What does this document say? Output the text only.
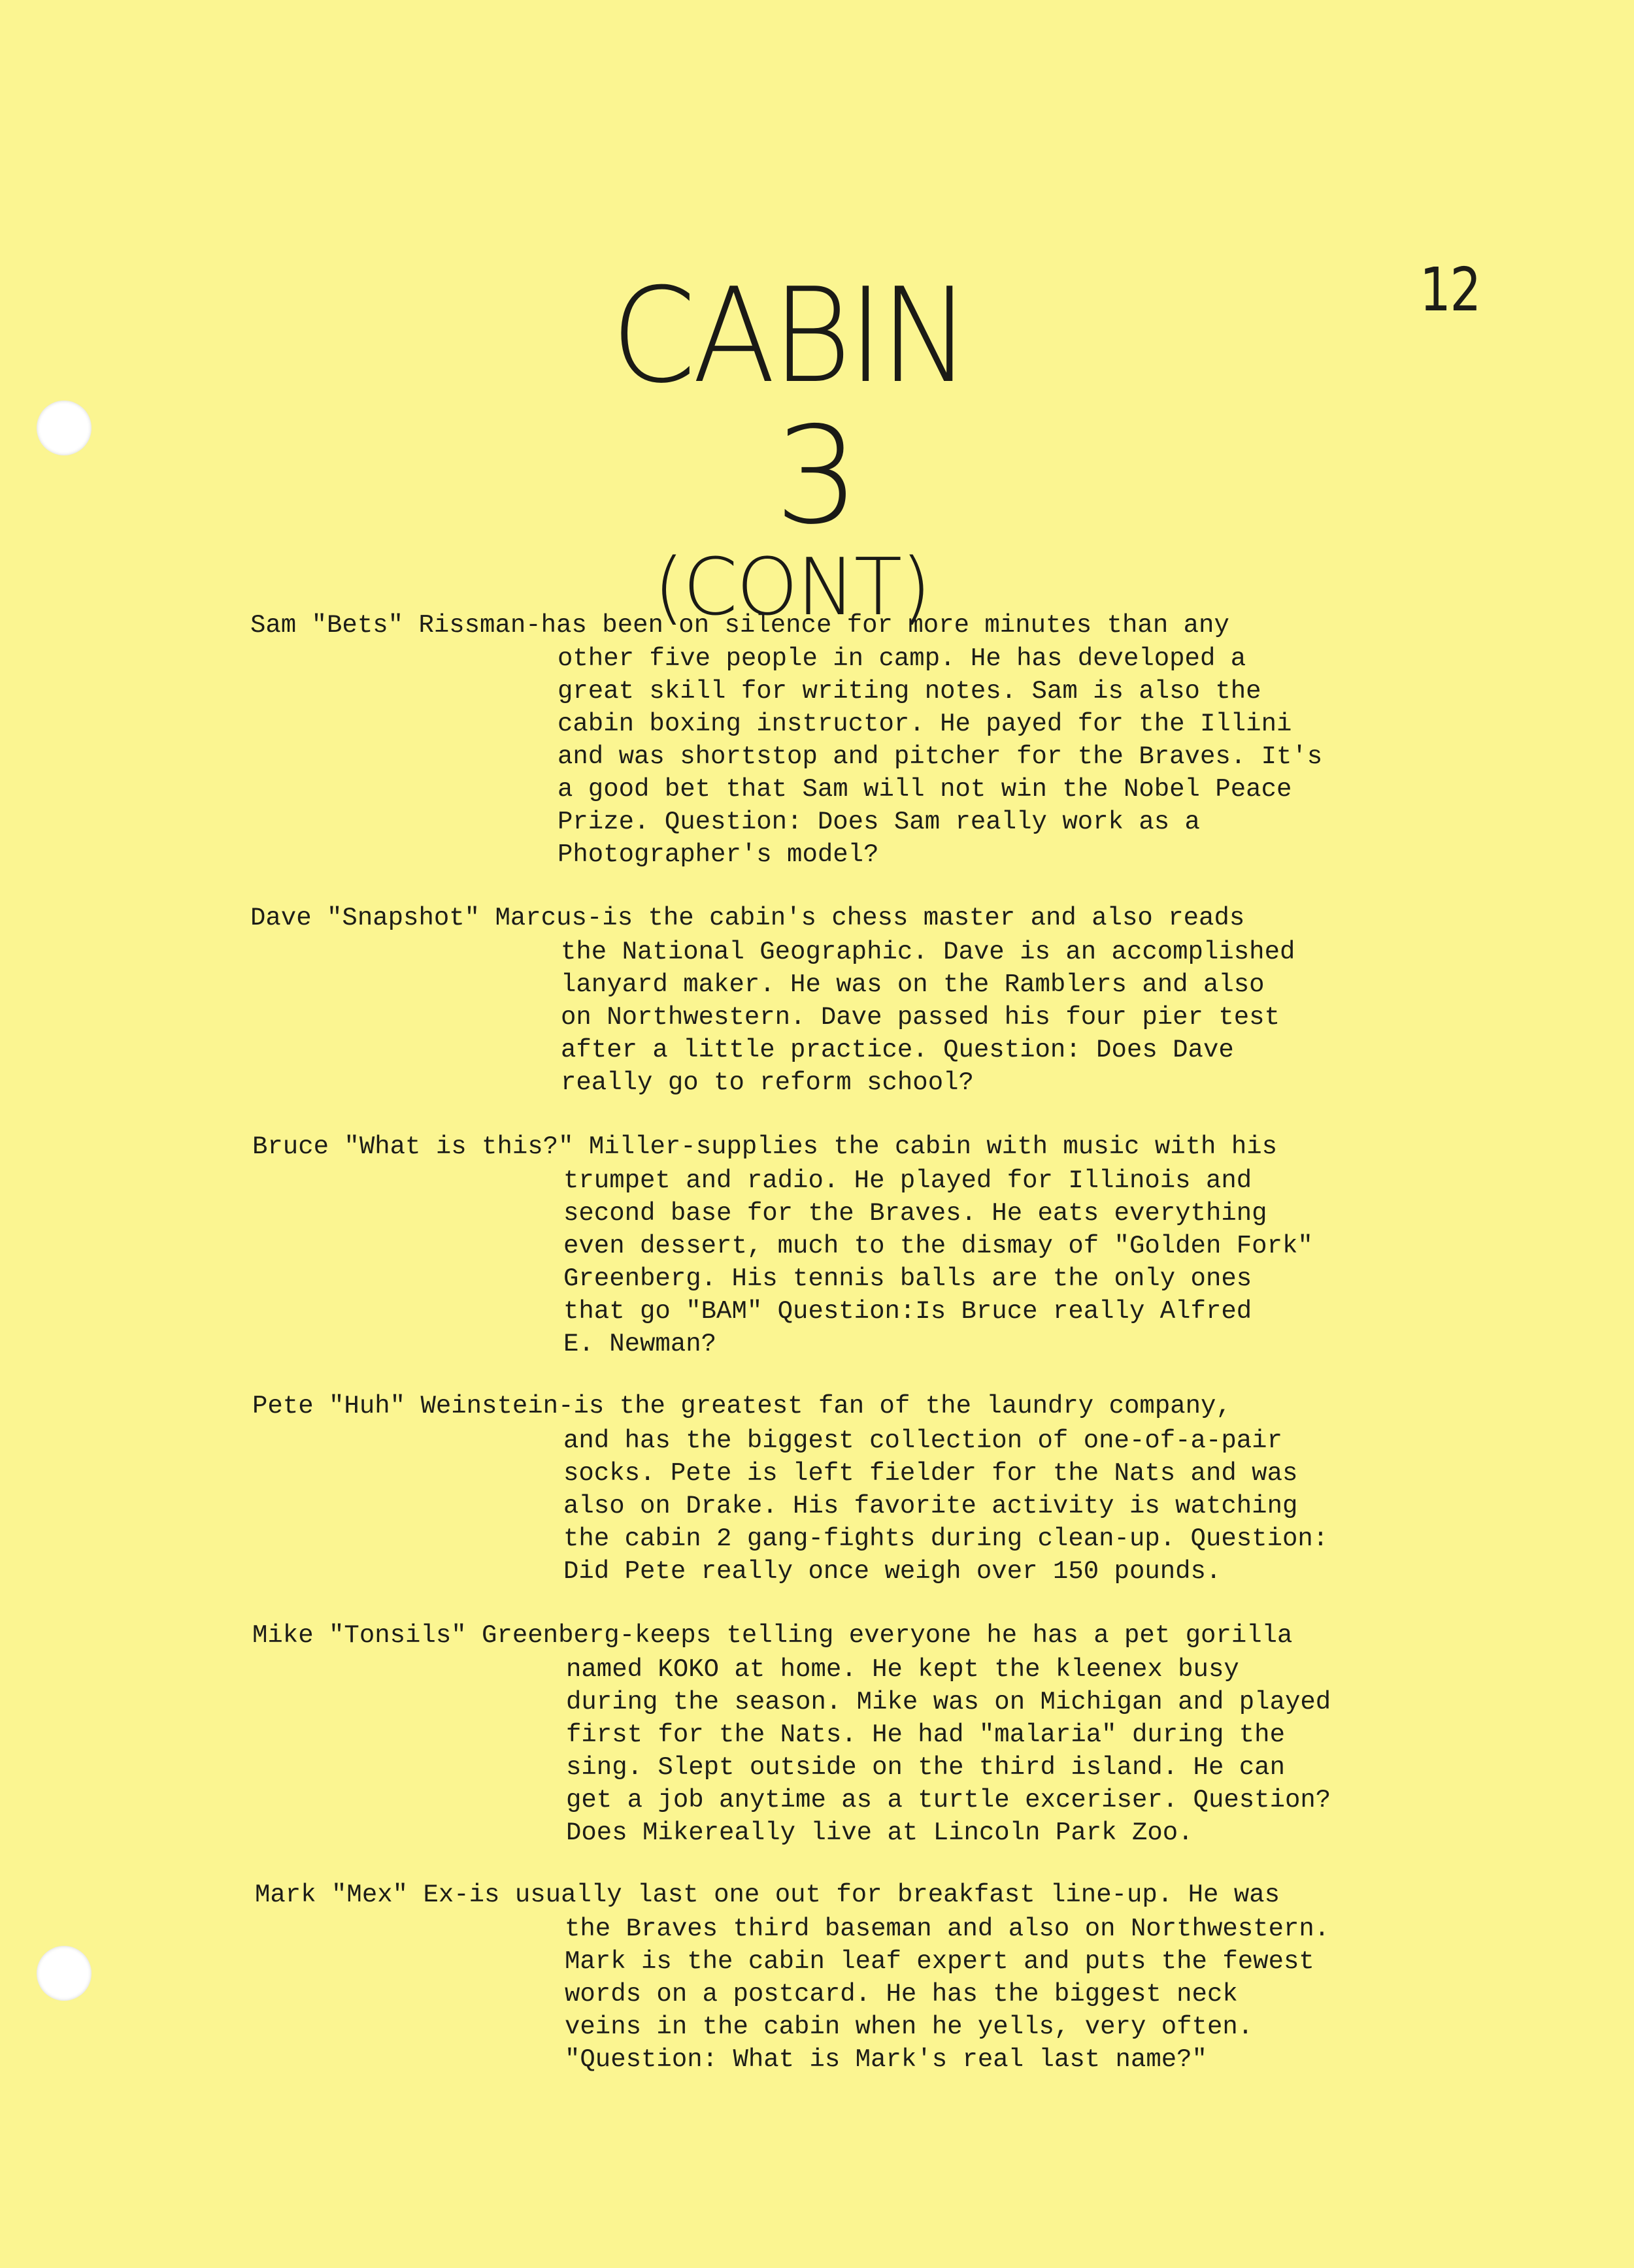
12
CABIN
3
(CONT)
Sam "Bets" Rissman-has been on silence for more minutes than any
other five people in camp. He has developed a
great skill for writing notes. Sam is also the
cabin boxing instructor. He payed for the Illini
and was shortstop and pitcher for the Braves. It's
a good bet that Sam will not win the Nobel Peace
Prize. Question: Does Sam really work as a
Photographer's model?
Dave "Snapshot" Marcus-is the cabin's chess master and also reads
the National Geographic. Dave is an accomplished
lanyard maker. He was on the Ramblers and also
on Northwestern. Dave passed his four pier test
after a little practice. Question: Does Dave
really go to reform school?
Bruce "What is this?" Miller-supplies the cabin with music with his
trumpet and radio. He played for Illinois and
second base for the Braves. He eats everything
even dessert, much to the dismay of "Golden Fork"
Greenberg. His tennis balls are the only ones
that go "BAM" Question:Is Bruce really Alfred
E. Newman?
Pete "Huh" Weinstein-is the greatest fan of the laundry company,
and has the biggest collection of one-of-a-pair
socks. Pete is left fielder for the Nats and was
also on Drake. His favorite activity is watching
the cabin 2 gang-fights during clean-up. Question:
Did Pete really once weigh over 150 pounds.
Mike "Tonsils" Greenberg-keeps telling everyone he has a pet gorilla
named KOKO at home. He kept the kleenex busy
during the season. Mike was on Michigan and played
first for the Nats. He had "malaria" during the
sing. Slept outside on the third island. He can
get a job anytime as a turtle exceriser. Question?
Does Mikereally live at Lincoln Park Zoo.
Mark "Mex" Ex-is usually last one out for breakfast line-up. He was
the Braves third baseman and also on Northwestern.
Mark is the cabin leaf expert and puts the fewest
words on a postcard. He has the biggest neck
veins in the cabin when he yells, very often.
"Question: What is Mark's real last name?"
